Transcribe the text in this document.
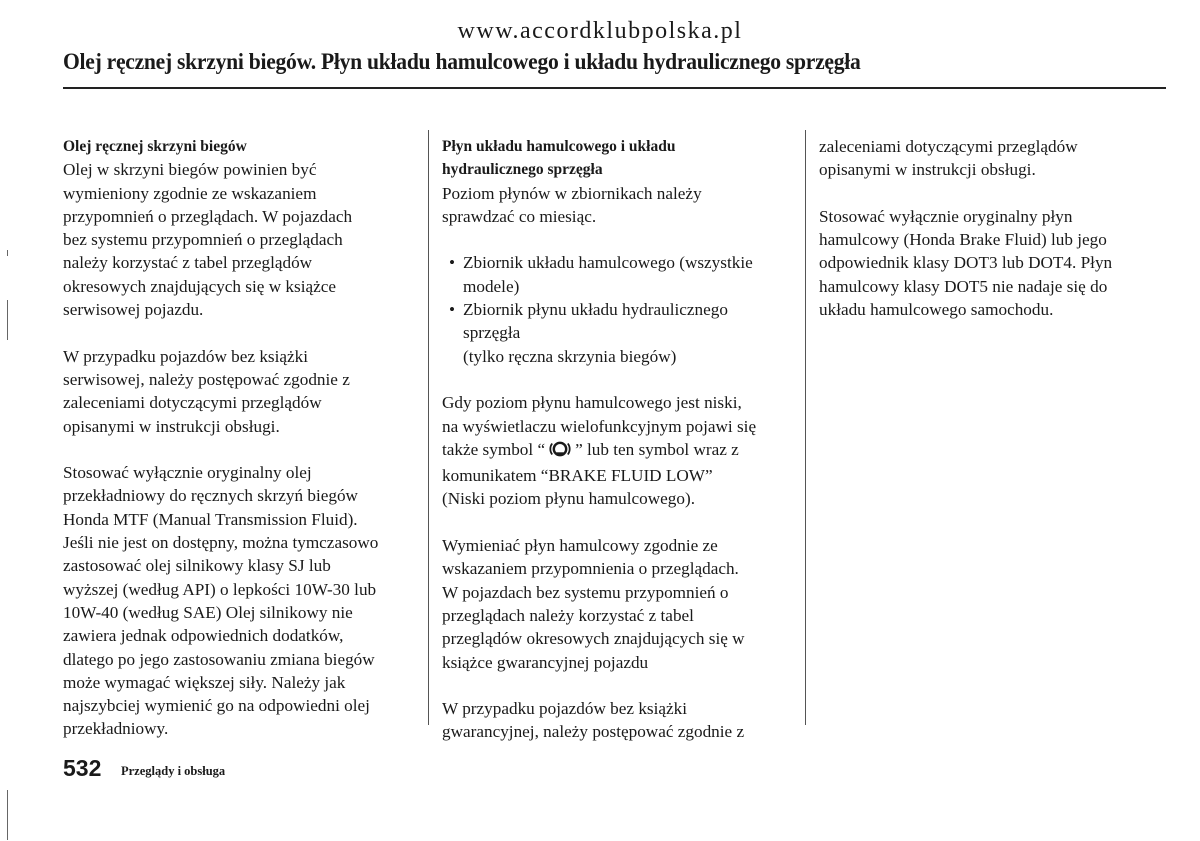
www.accordklubpolska.pl
Olej ręcznej skrzyni biegów. Płyn układu hamulcowego i układu hydraulicznego sprzęgła
Olej ręcznej skrzyni biegów
Olej w skrzyni biegów powinien być
wymieniony zgodnie ze wskazaniem
przypomnień o przeglądach. W pojazdach
bez systemu przypomnień o przeglądach
należy korzystać z tabel przeglądów
okresowych znajdujących się w książce
serwisowej pojazdu.
W przypadku pojazdów bez książki
serwisowej, należy postępować zgodnie z
zaleceniami dotyczącymi przeglądów
opisanymi w instrukcji obsługi.
Stosować wyłącznie oryginalny olej
przekładniowy do ręcznych skrzyń biegów
Honda MTF (Manual Transmission Fluid).
Jeśli nie jest on dostępny, można tymczasowo
zastosować olej silnikowy klasy SJ lub
wyższej (według API) o lepkości 10W-30 lub
10W-40 (według SAE) Olej silnikowy nie
zawiera jednak odpowiednich dodatków,
dlatego po jego zastosowaniu zmiana biegów
może wymagać większej siły. Należy jak
najszybciej wymienić go na odpowiedni olej
przekładniowy.
Płyn układu hamulcowego i układu
hydraulicznego sprzęgła
Poziom płynów w zbiornikach należy
sprawdzać co miesiąc.
• Zbiornik układu hamulcowego (wszystkie
modele)
• Zbiornik płynu układu hydraulicznego
sprzęgła
(tylko ręczna skrzynia biegów)
Gdy poziom płynu hamulcowego jest niski,
na wyświetlaczu wielofunkcyjnym pojawi się
także symbol “ ” lub ten symbol wraz z
komunikatem “BRAKE FLUID LOW”
(Niski poziom płynu hamulcowego).
Wymieniać płyn hamulcowy zgodnie ze
wskazaniem przypomnienia o przeglądach.
W pojazdach bez systemu przypomnień o
przeglądach należy korzystać z tabel
przeglądów okresowych znajdujących się w
książce gwarancyjnej pojazdu
W przypadku pojazdów bez książki
gwarancyjnej, należy postępować zgodnie z
zaleceniami dotyczącymi przeglądów
opisanymi w instrukcji obsługi.
Stosować wyłącznie oryginalny płyn
hamulcowy (Honda Brake Fluid) lub jego
odpowiednik klasy DOT3 lub DOT4. Płyn
hamulcowy klasy DOT5 nie nadaje się do
układu hamulcowego samochodu.
532 Przeglądy i obsługa
